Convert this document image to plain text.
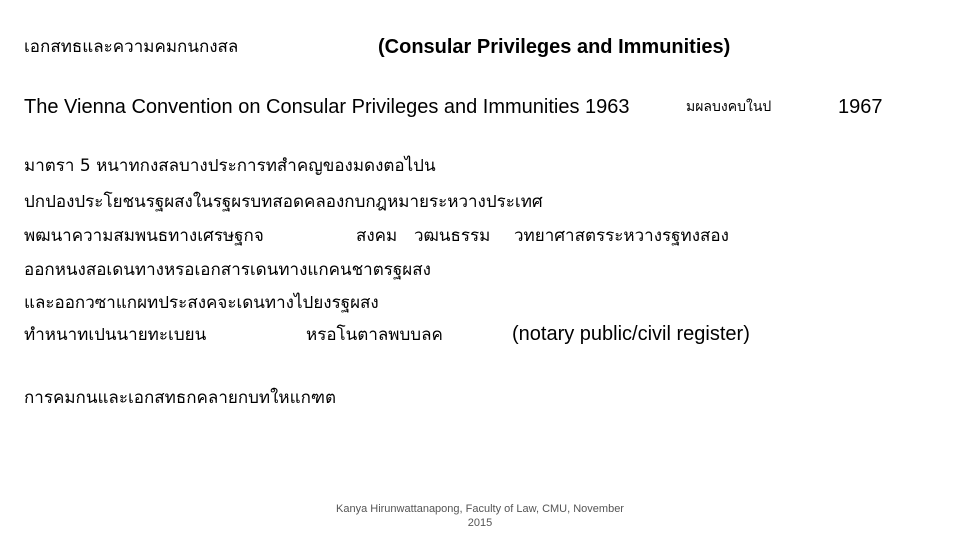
เอกสทธและความคมกนกงสล	(Consular Privileges and Immunities)
The Vienna Convention on Consular Privileges and Immunities 1963	มผลบงคบในป	1967
มาตรา 5 หนาทกงสลบางประการทสำคญของมดงตอไปน
ปกปองประโยชนรฐผสงในรฐผรบทสอดคลองกบกฎหมายระหวางประเทศ
พฒนาความสมพนธทางเศรษฐกจ	สงคม วฒนธรรม วทยาศาสตรระหวางรฐทงสอง
ออกหนงสอเดนทางหรอเอกสารเดนทางแกคนชาตรฐผสง
และออกวซาแกผทประสงคจะเดนทางไปยงรฐผสง
ทำหนาทเปนนายทะเบยน	หรอโนตาลพบบลค	(notary public/civil register)
การคมกนและเอกสทธกคลายกบทใหแกฑต
Kanya Hirunwattanapong, Faculty of Law, CMU, November
2015
